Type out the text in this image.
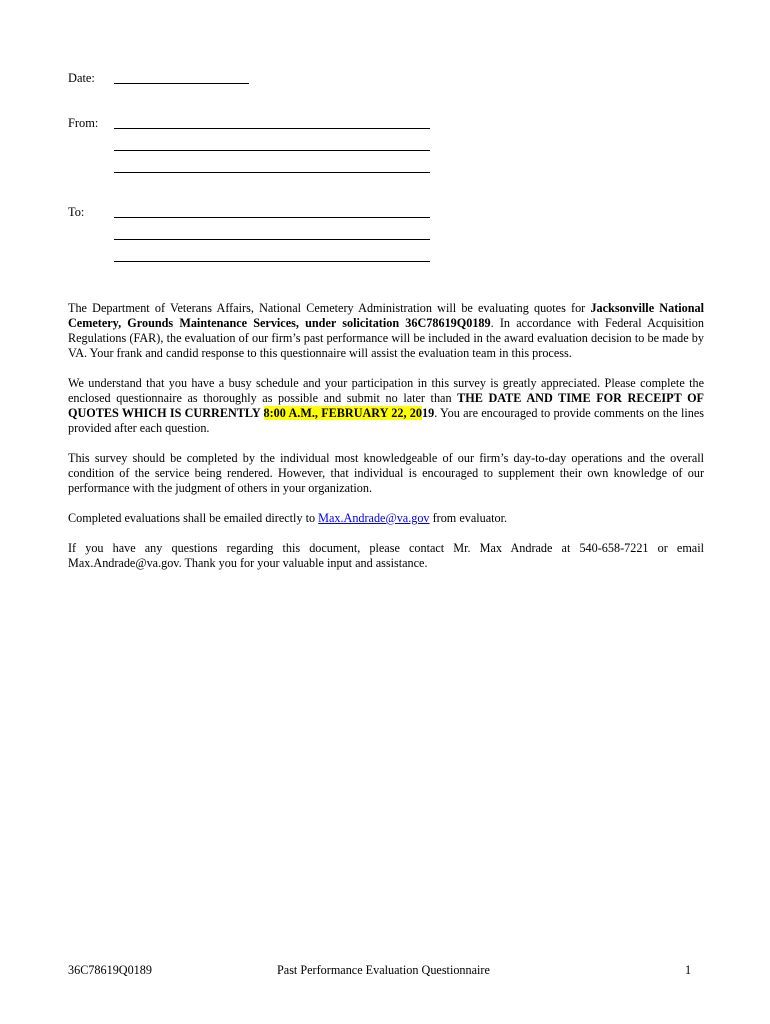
Date:
From:
To:

The Department of Veterans Affairs, National Cemetery Administration will be evaluating quotes for Jacksonville National Cemetery, Grounds Maintenance Services, under solicitation 36C78619Q0189. In accordance with Federal Acquisition Regulations (FAR), the evaluation of our firm’s past performance will be included in the award evaluation decision to be made by VA. Your frank and candid response to this questionnaire will assist the evaluation team in this process.

We understand that you have a busy schedule and your participation in this survey is greatly appreciated. Please complete the enclosed questionnaire as thoroughly as possible and submit no later than THE DATE AND TIME FOR RECEIPT OF QUOTES WHICH IS CURRENTLY 8:00 A.M., FEBRUARY 22, 2019. You are encouraged to provide comments on the lines provided after each question.

This survey should be completed by the individual most knowledgeable of our firm’s day-to-day operations and the overall condition of the service being rendered. However, that individual is encouraged to supplement their own knowledge of our performance with the judgment of others in your organization.

Completed evaluations shall be emailed directly to Max.Andrade@va.gov from evaluator.

If you have any questions regarding this document, please contact Mr. Max Andrade at 540-658-7221 or email Max.Andrade@va.gov. Thank you for your valuable input and assistance.

36C78619Q0189	Past Performance Evaluation Questionnaire	1
